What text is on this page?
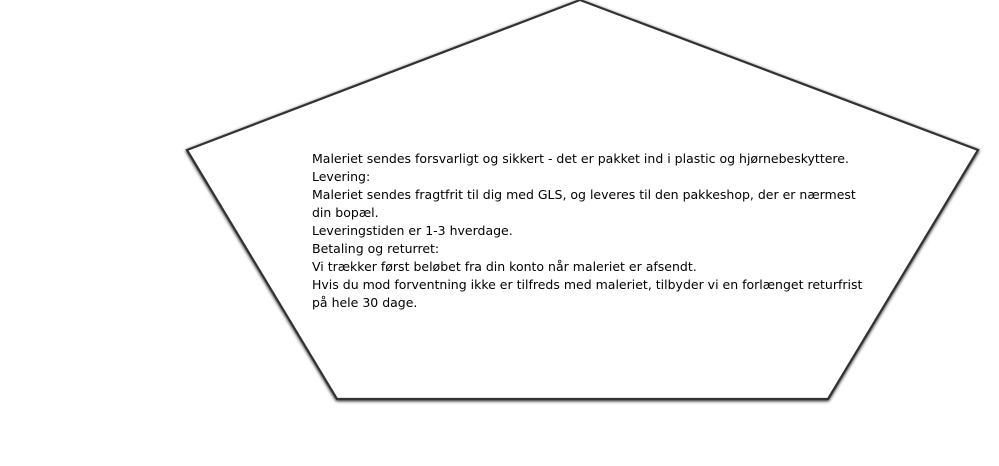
Maleriet sendes forsvarligt og sikkert - det er pakket ind i plastic og hjørnebeskyttere.
Levering:
Maleriet sendes fragtfrit til dig med GLS, og leveres til den pakkeshop, der er nærmest
din bopæl.
Leveringstiden er 1-3 hverdage.
Betaling og returret:
Vi trækker først beløbet fra din konto når maleriet er afsendt.
Hvis du mod forventning ikke er tilfreds med maleriet, tilbyder vi en forlænget returfrist
på hele 30 dage.
